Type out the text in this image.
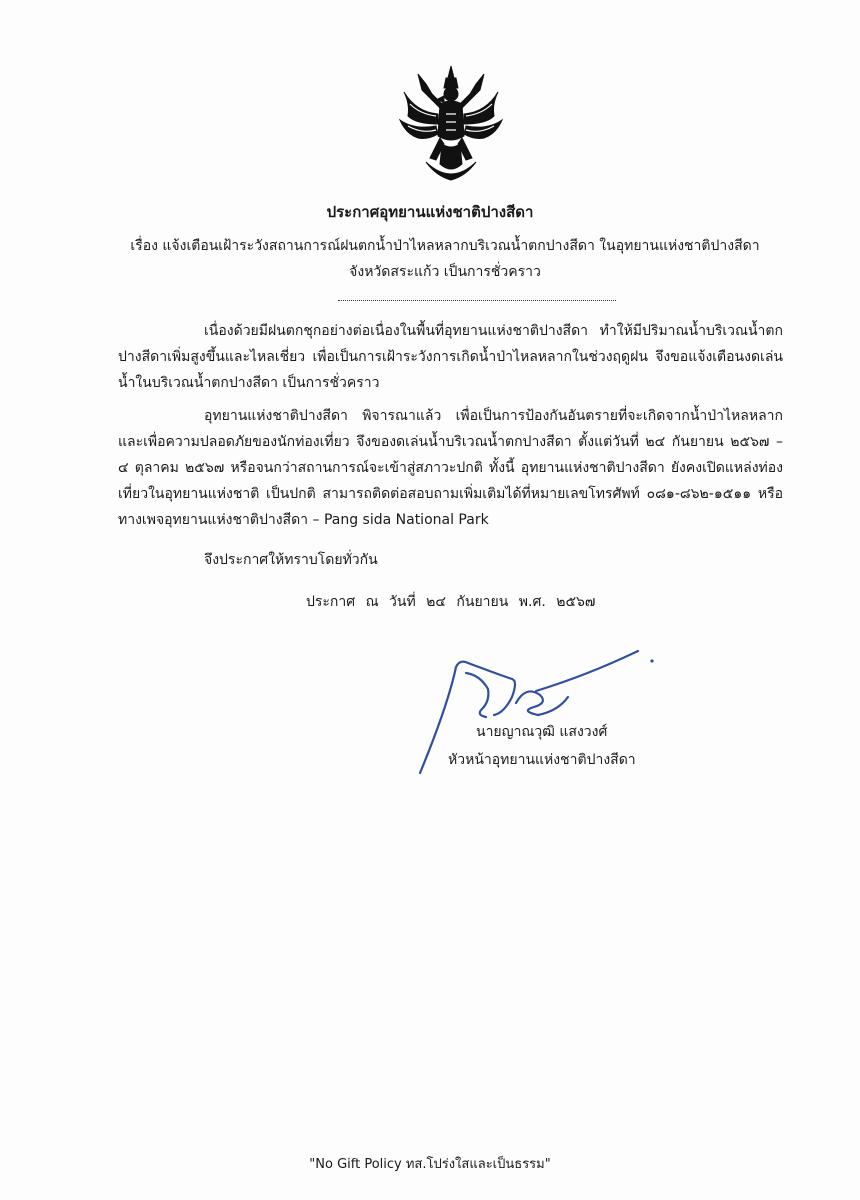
ประกาศอุทยานแห่งชาติปางสีดา
เรื่อง แจ้งเตือนเฝ้าระวังสถานการณ์ฝนตกน้ำป่าไหลหลากบริเวณน้ำตกปางสีดา ในอุทยานแห่งชาติปางสีดา
จังหวัดสระแก้ว เป็นการชั่วคราว

เนื่องด้วยมีฝนตกชุกอย่างต่อเนื่องในพื้นที่อุทยานแห่งชาติปางสีดา ทำให้มีปริมาณน้ำบริเวณน้ำตกปางสีดาเพิ่มสูงขึ้นและไหลเชี่ยว เพื่อเป็นการเฝ้าระวังการเกิดน้ำป่าไหลหลากในช่วงฤดูฝน จึงขอแจ้งเตือนงดเล่นน้ำในบริเวณน้ำตกปางสีดา เป็นการชั่วคราว

อุทยานแห่งชาติปางสีดา พิจารณาแล้ว เพื่อเป็นการป้องกันอันตรายที่จะเกิดจากน้ำป่าไหลหลากและเพื่อความปลอดภัยของนักท่องเที่ยว จึงของดเล่นน้ำบริเวณน้ำตกปางสีดา ตั้งแต่วันที่ ๒๔ กันยายน ๒๕๖๗ – ๔ ตุลาคม ๒๕๖๗ หรือจนกว่าสถานการณ์จะเข้าสู่สภาวะปกติ ทั้งนี้ อุทยานแห่งชาติปางสีดา ยังคงเปิดแหล่งท่องเที่ยวในอุทยานแห่งชาติ เป็นปกติ สามารถติดต่อสอบถามเพิ่มเติมได้ที่หมายเลขโทรศัพท์ ๐๘๑-๘๖๒-๑๕๑๑ หรือทางเพจอุทยานแห่งชาติปางสีดา – Pang sida National Park

จึงประกาศให้ทราบโดยทั่วกัน
ประกาศ ณ วันที่ ๒๔ กันยายน พ.ศ. ๒๕๖๗
นายญาณวุฒิ แสงวงศ์
หัวหน้าอุทยานแห่งชาติปางสีดา
"No Gift Policy ทส.โปร่งใสและเป็นธรรม"
